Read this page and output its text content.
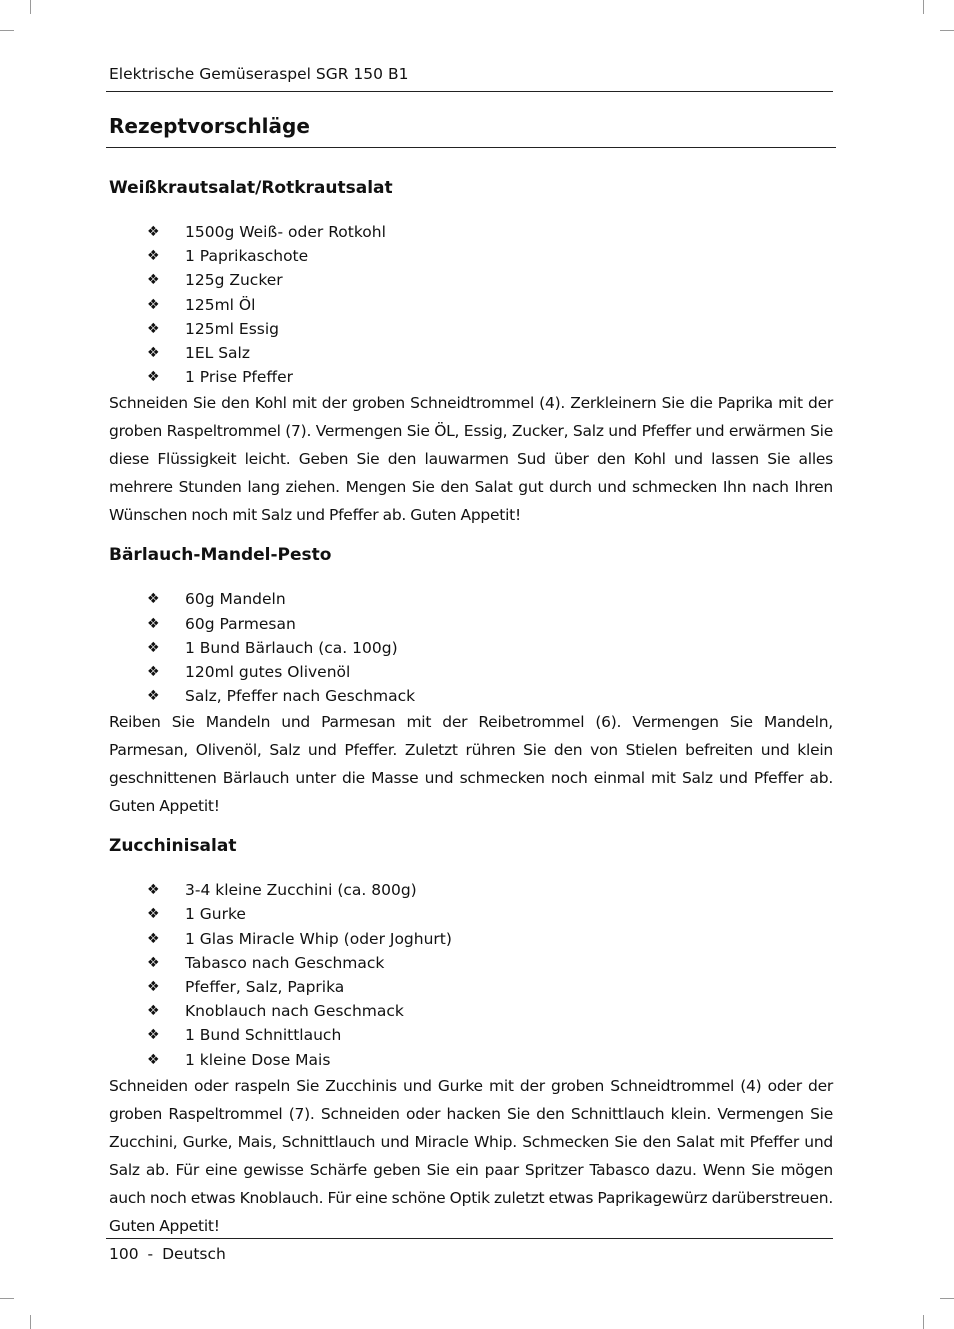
Elektrische Gemüseraspel SGR 150 B1
Rezeptvorschläge
Weißkrautsalat/Rotkrautsalat
❖ 1500g Weiß- oder Rotkohl
❖ 1 Paprikaschote
❖ 125g Zucker
❖ 125ml Öl
❖ 125ml Essig
❖ 1EL Salz
❖ 1 Prise Pfeffer

Schneiden Sie den Kohl mit der groben Schneidtrommel (4). Zerkleinern Sie die Paprika mit der groben Raspeltrommel (7). Vermengen Sie ÖL, Essig, Zucker, Salz und Pfeffer und erwärmen Sie diese Flüssigkeit leicht. Geben Sie den lauwarmen Sud über den Kohl und lassen Sie alles mehrere Stunden lang ziehen. Mengen Sie den Salat gut durch und schmecken Ihn nach Ihren Wünschen noch mit Salz und Pfeffer ab. Guten Appetit!

Bärlauch-Mandel-Pesto
❖ 60g Mandeln
❖ 60g Parmesan
❖ 1 Bund Bärlauch (ca. 100g)
❖ 120ml gutes Olivenöl
❖ Salz, Pfeffer nach Geschmack

Reiben Sie Mandeln und Parmesan mit der Reibetrommel (6). Vermengen Sie Mandeln, Parmesan, Olivenöl, Salz und Pfeffer. Zuletzt rühren Sie den von Stielen befreiten und klein geschnittenen Bärlauch unter die Masse und schmecken noch einmal mit Salz und Pfeffer ab. Guten Appetit!

Zucchinisalat
❖ 3-4 kleine Zucchini (ca. 800g)
❖ 1 Gurke
❖ 1 Glas Miracle Whip (oder Joghurt)
❖ Tabasco nach Geschmack
❖ Pfeffer, Salz, Paprika
❖ Knoblauch nach Geschmack
❖ 1 Bund Schnittlauch
❖ 1 kleine Dose Mais

Schneiden oder raspeln Sie Zucchinis und Gurke mit der groben Schneidtrommel (4) oder der groben Raspeltrommel (7). Schneiden oder hacken Sie den Schnittlauch klein. Vermengen Sie Zucchini, Gurke, Mais, Schnittlauch und Miracle Whip. Schmecken Sie den Salat mit Pfeffer und Salz ab. Für eine gewisse Schärfe geben Sie ein paar Spritzer Tabasco dazu. Wenn Sie mögen auch noch etwas Knoblauch. Für eine schöne Optik zuletzt etwas Paprikagewürz darüberstreuen. Guten Appetit!

100 - Deutsch
